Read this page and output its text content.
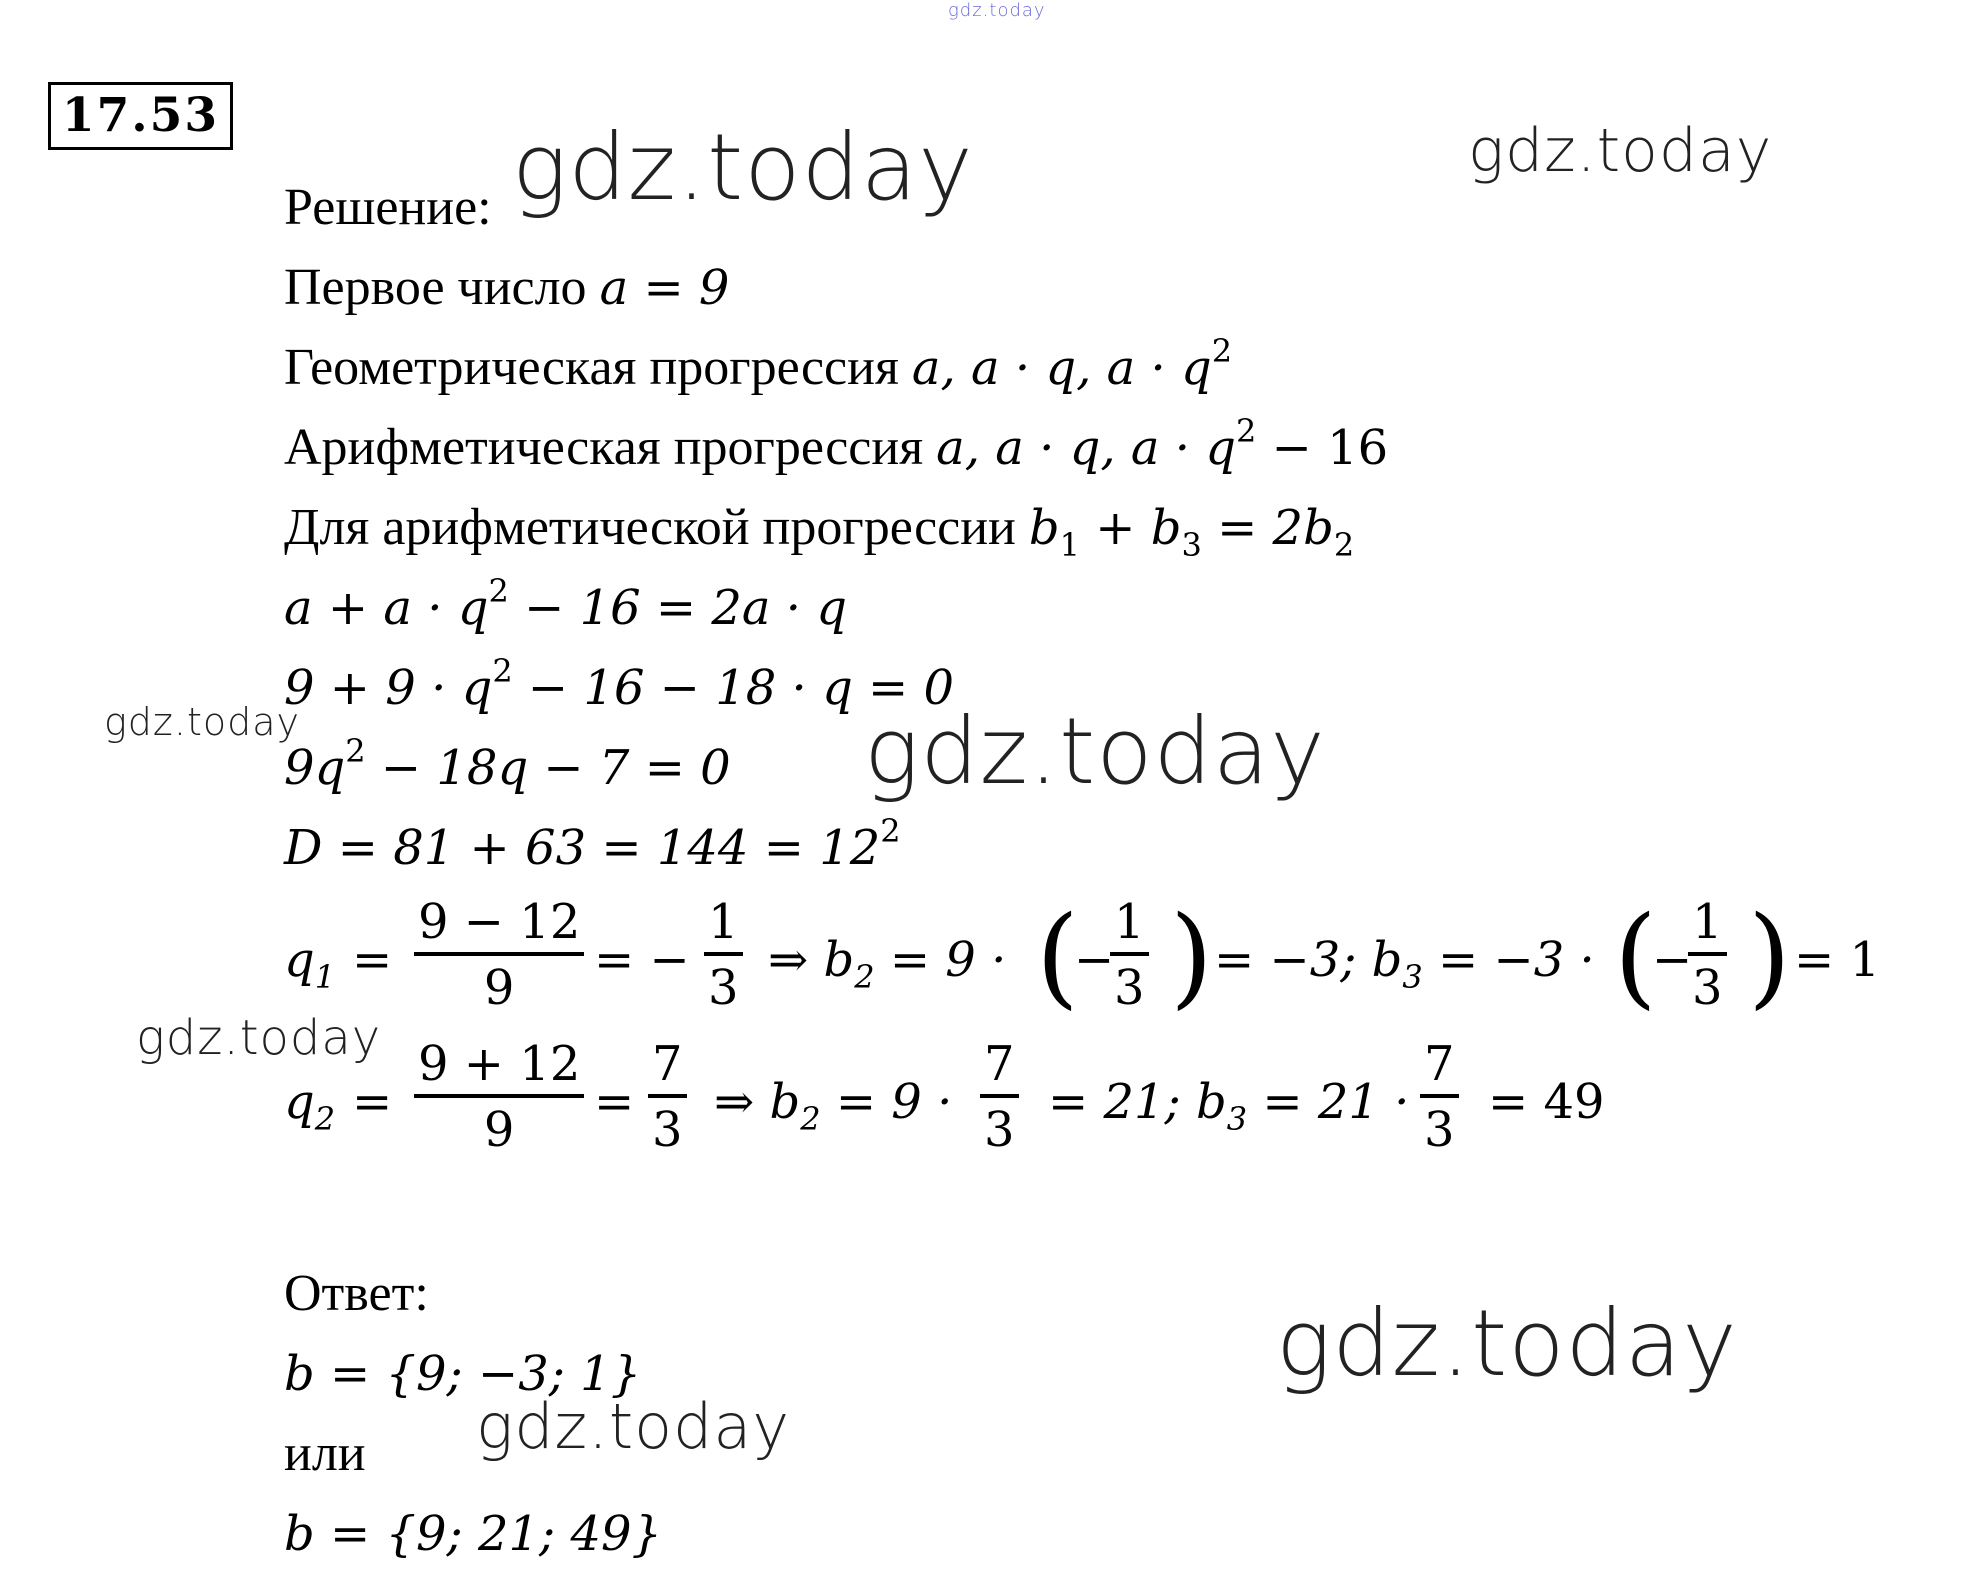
gdz.today
17.53
Решение:
Первое число a = 9
Геометрическая прогрессия a, a · q, $a \cdot q^2$
Арифметическая прогрессия a, a · q, $a \cdot q^2 - 16$
Для арифметической прогрессии $b_1 + b_3 = 2b_2$
$a + a \cdot q^2 - 16 = 2a \cdot q$
$9 + 9 \cdot q^2 - 16 - 18 \cdot q = 0$
$9q^2 - 18q - 7 = 0$
$D = 81 + 63 = 144 = 12^2$
$q_1 = \frac{9 - 12}{9}$ = − $\frac{1}{3}$ ⇒ $b_2 = 9$ · (
−
$\frac{1}{3}$ ) = −3; $b_3 = -3$ · (
−
$\frac{1}{3}$ ) = 1
$q_2 = \frac{9 + 12}{9} = \frac{7}{3}$ ⇒ $b_2 = 9 \cdot \frac{7}{3} = 21$; $b_3 = 21 \cdot \frac{7}{3} = 49$
Ответ:
b = {9; −3; 1}
или
b = {9; 21; 49}
gdz.today	gdz.today
gdz.today	gdz.today
gdz.today
gdz.today
gdz.today
